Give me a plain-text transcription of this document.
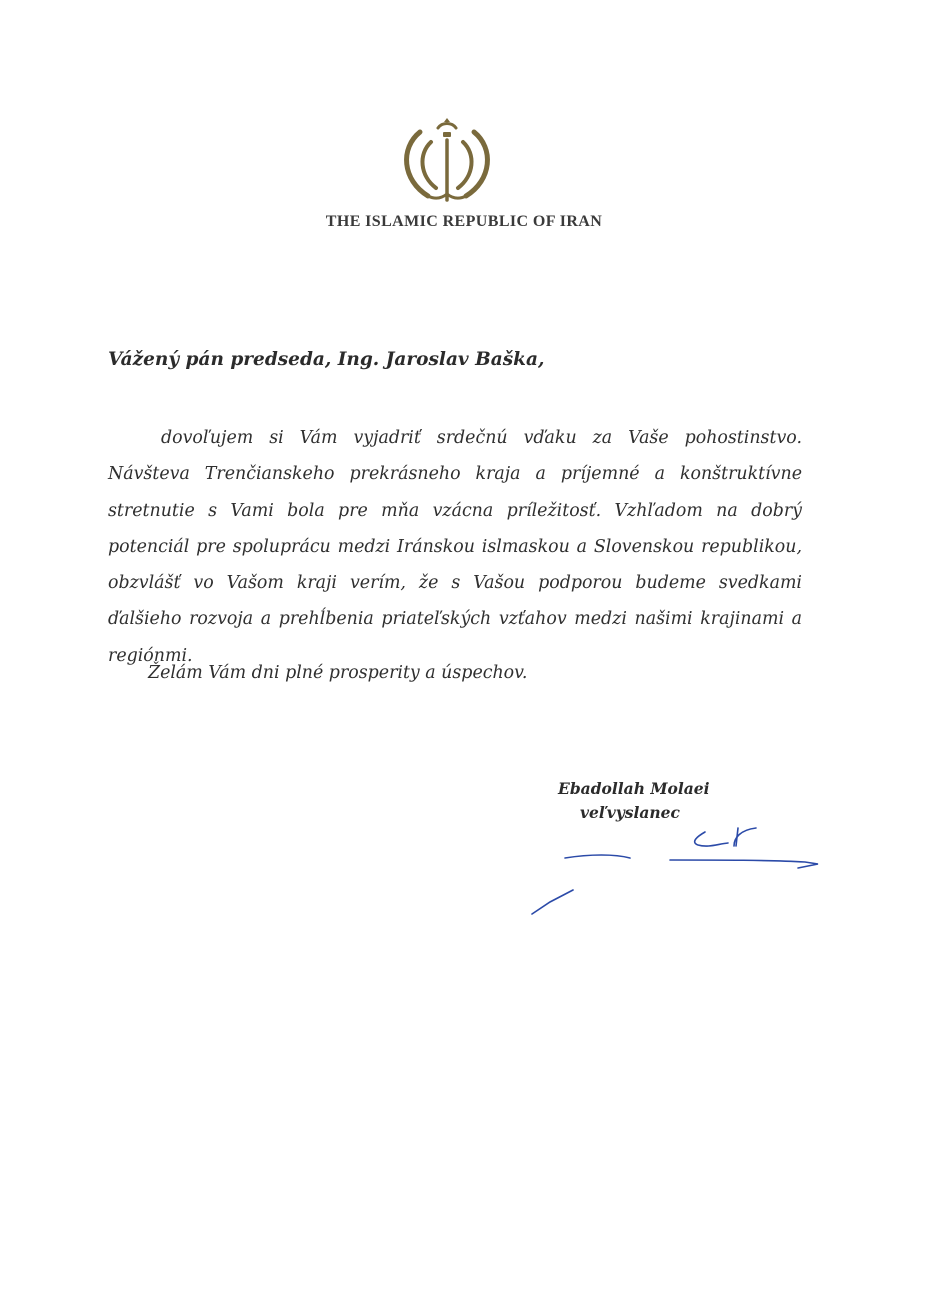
THE ISLAMIC REPUBLIC OF IRAN
Vážený pán predseda, Ing. Jaroslav Baška,
dovoľujem si Vám vyjadriť srdečnú vďaku za Vaše pohostinstvo. Návšteva Trenčianskeho prekrásneho kraja a príjemné a konštruktívne stretnutie s Vami bola pre mňa vzácna príležitosť. Vzhľadom na dobrý potenciál pre spoluprácu medzi Iránskou islmaskou a Slovenskou republikou, obzvlášť vo Vašom kraji verím, že s Vašou podporou budeme svedkami ďalšieho rozvoja a prehĺbenia priateľských vzťahov medzi našimi krajinami a regiónmi.
Želám Vám dni plné prosperity a úspechov.
Ebadollah Molaei
veľvyslanec
